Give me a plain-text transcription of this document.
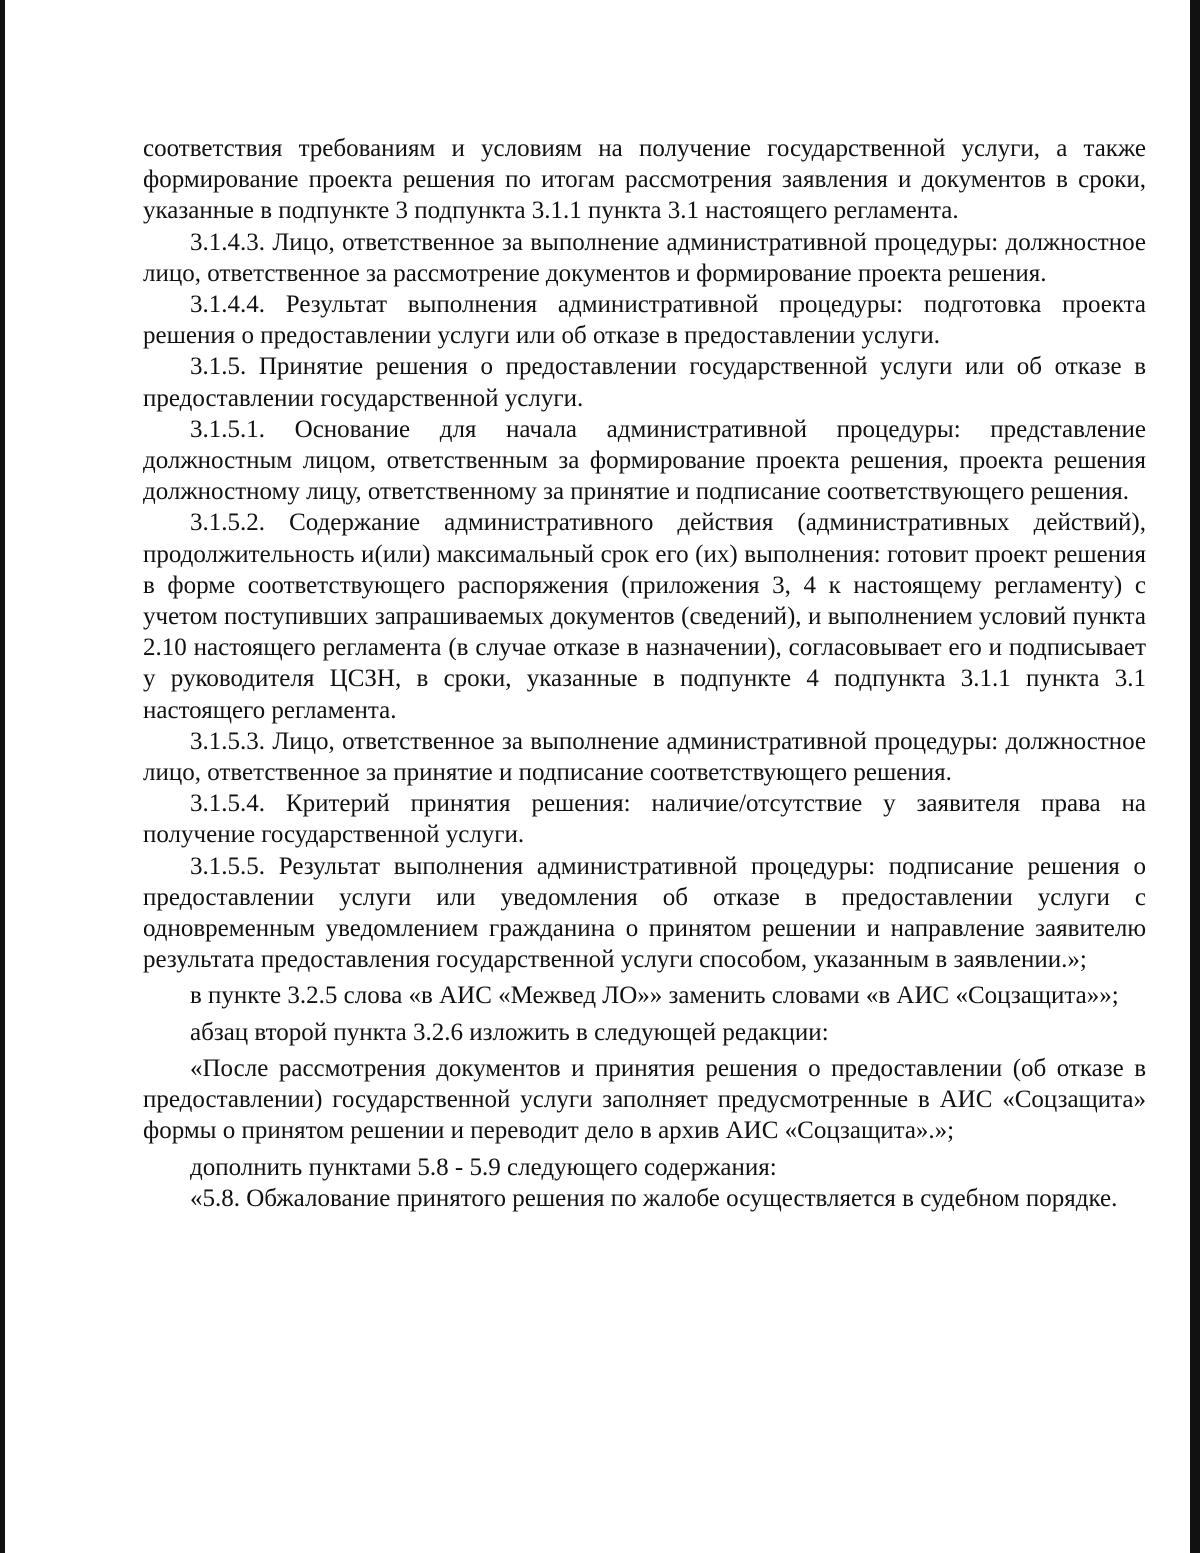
соответствия требованиям и условиям на получение государственной услуги, а также формирование проекта решения по итогам рассмотрения заявления и документов в сроки, указанные в подпункте 3 подпункта 3.1.1 пункта 3.1 настоящего регламента.

3.1.4.3. Лицо, ответственное за выполнение административной процедуры: должностное лицо, ответственное за рассмотрение документов и формирование проекта решения.

3.1.4.4. Результат выполнения административной процедуры: подготовка проекта решения о предоставлении услуги или об отказе в предоставлении услуги.

3.1.5. Принятие решения о предоставлении государственной услуги или об отказе в предоставлении государственной услуги.

3.1.5.1. Основание для начала административной процедуры: представление должностным лицом, ответственным за формирование проекта решения, проекта решения должностному лицу, ответственному за принятие и подписание соответствующего решения.

3.1.5.2. Содержание административного действия (административных действий), продолжительность и(или) максимальный срок его (их) выполнения: готовит проект решения в форме соответствующего распоряжения (приложения 3, 4 к настоящему регламенту) с учетом поступивших запрашиваемых документов (сведений), и выполнением условий пункта 2.10 настоящего регламента (в случае отказе в назначении), согласовывает его и подписывает у руководителя ЦСЗН, в сроки, указанные в подпункте 4 подпункта 3.1.1 пункта 3.1 настоящего регламента.

3.1.5.3. Лицо, ответственное за выполнение административной процедуры: должностное лицо, ответственное за принятие и подписание соответствующего решения.

3.1.5.4. Критерий принятия решения: наличие/отсутствие у заявителя права на получение государственной услуги.

3.1.5.5. Результат выполнения административной процедуры: подписание решения о предоставлении услуги или уведомления об отказе в предоставлении услуги с одновременным уведомлением гражданина о принятом решении и направление заявителю результата предоставления государственной услуги способом, указанным в заявлении.»;

в пункте 3.2.5 слова «в АИС «Межвед ЛО»» заменить словами «в АИС «Соцзащита»»;

абзац второй пункта 3.2.6 изложить в следующей редакции:

«После рассмотрения документов и принятия решения о предоставлении (об отказе в предоставлении) государственной услуги заполняет предусмотренные в АИС «Соцзащита» формы о принятом решении и переводит дело в архив АИС «Соцзащита».»;

дополнить пунктами 5.8 - 5.9 следующего содержания:

«5.8. Обжалование принятого решения по жалобе осуществляется в судебном порядке.
